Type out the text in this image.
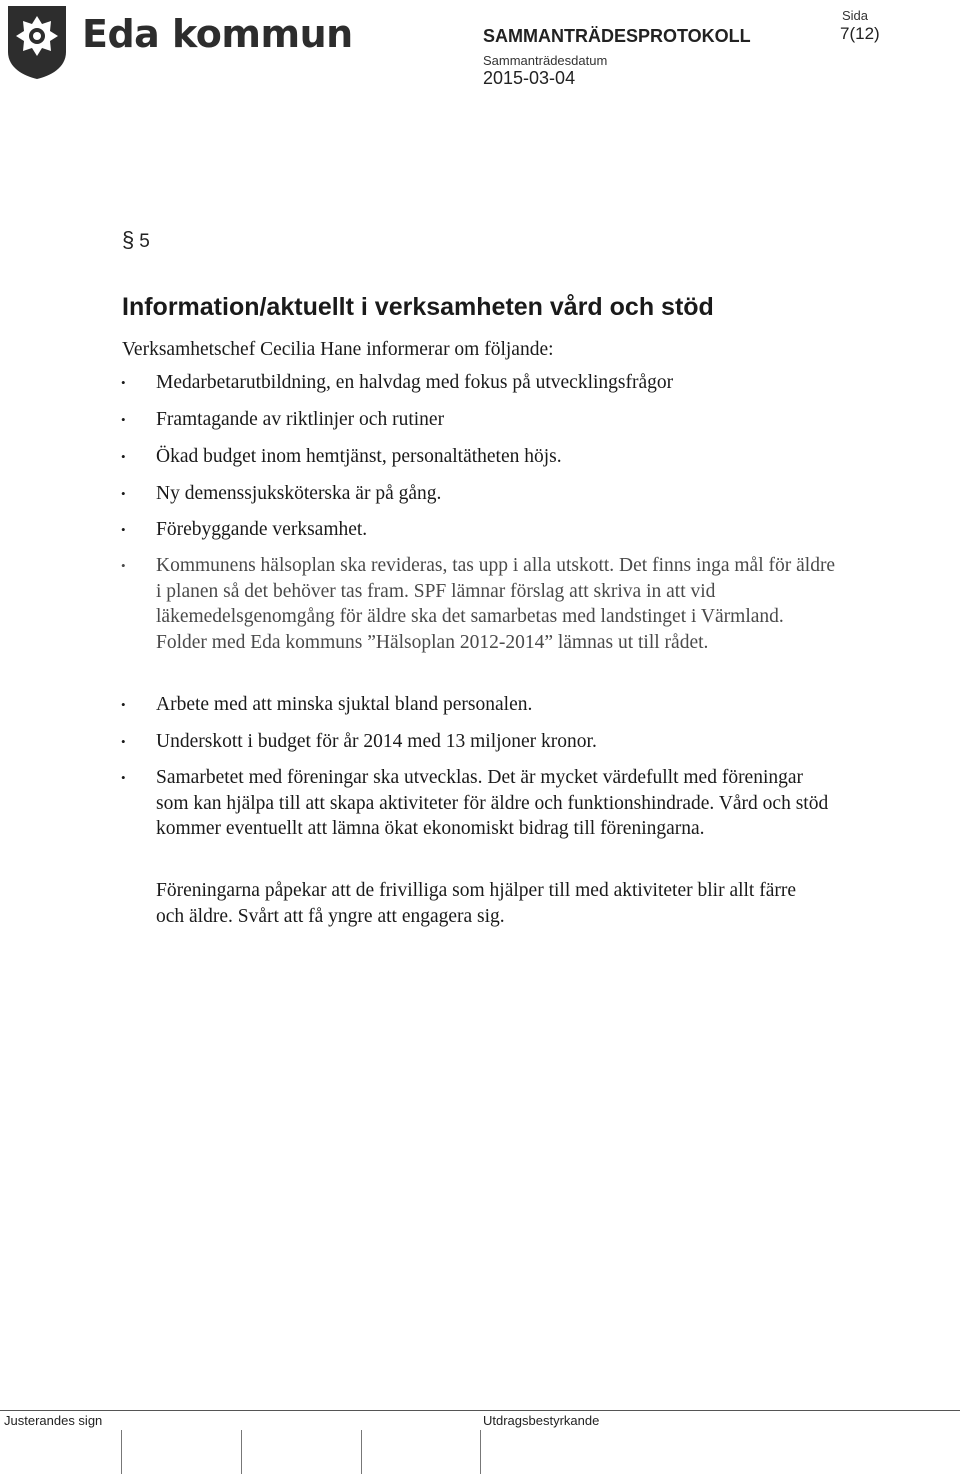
Eda kommun	SAMMANTRÄDESPROTOKOLL
Sammanträdesdatum
2015-03-04
Sida
7(12)
§ 5
Information/aktuellt i verksamheten vård och stöd
Verksamhetschef Cecilia Hane informerar om följande:
• Medarbetarutbildning, en halvdag med fokus på utvecklingsfrågor
• Framtagande av riktlinjer och rutiner
• Ökad budget inom hemtjänst, personaltätheten höjs.
• Ny demenssjuksköterska är på gång.
• Förebyggande verksamhet.
• Kommunens hälsoplan ska revideras, tas upp i alla utskott. Det finns inga mål för äldre i planen så det behöver tas fram. SPF lämnar förslag att skriva in att vid läkemedelsgenomgång för äldre ska det samarbetas med landstinget i Värmland. Folder med Eda kommuns ”Hälsoplan 2012-2014” lämnas ut till rådet.
• Arbete med att minska sjuktal bland personalen.
• Underskott i budget för år 2014 med 13 miljoner kronor.
• Samarbetet med föreningar ska utvecklas. Det är mycket värdefullt med föreningar som kan hjälpa till att skapa aktiviteter för äldre och funktionshindrade. Vård och stöd kommer eventuellt att lämna ökat ekonomiskt bidrag till föreningarna.
Föreningarna påpekar att de frivilliga som hjälper till med aktiviteter blir allt färre och äldre. Svårt att få yngre att engagera sig.
Justerandes sign	Utdragsbestyrkande
